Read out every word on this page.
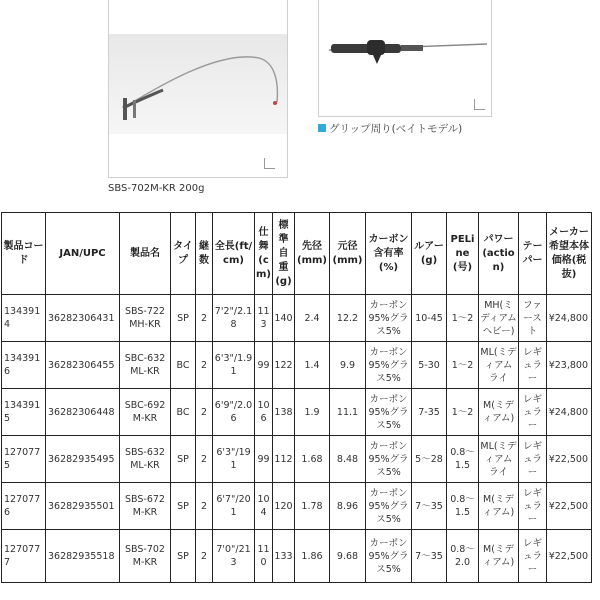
SBS-702M-KR 200g
グリップ周り(ベイトモデル)
製品コード	JAN/UPC	製品名	タイプ	継数	全長(ft/cm)	仕舞(cm)	標準自重(g)	先径(mm)	元径(mm)	カーボン含有率(%)	ルアー(g)	PELine(号)	パワー(action)	テーパー	メーカー希望本体価格(税抜)
1343914	36282306431	SBS-722MH-KR	SP	2	7'2"/2.18	113	140	2.4	12.2	カーボン95%グラス5%	10-45	1〜2	MH(ミディアムヘビー)	ファースト	¥24,800
1343916	36282306455	SBC-632ML-KR	BC	2	6'3"/1.91	99	122	1.4	9.9	カーボン95%グラス5%	5-30	1〜2	ML(ミディアムライ	レギュラー	¥23,800
1343915	36282306448	SBC-692M-KR	BC	2	6'9"/2.06	106	138	1.9	11.1	カーボン95%グラス5%	7-35	1〜2	M(ミディアム)	レギュラー	¥24,800
1270775	36282935495	SBS-632ML-KR	SP	2	6'3"/191	99	112	1.68	8.48	カーボン95%グラス5%	5〜28	0.8〜1.5	ML(ミディアムライ	レギュラー	¥22,500
1270776	36282935501	SBS-672M-KR	SP	2	6'7"/201	104	120	1.78	8.96	カーボン95%グラス5%	7〜35	0.8〜1.5	M(ミディアム)	レギュラー	¥22,500
1270777	36282935518	SBS-702M-KR	SP	2	7'0"/213	110	133	1.86	9.68	カーボン95%グラス5%	7〜35	0.8〜2.0	M(ミディアム)	レギュラー	¥22,500
